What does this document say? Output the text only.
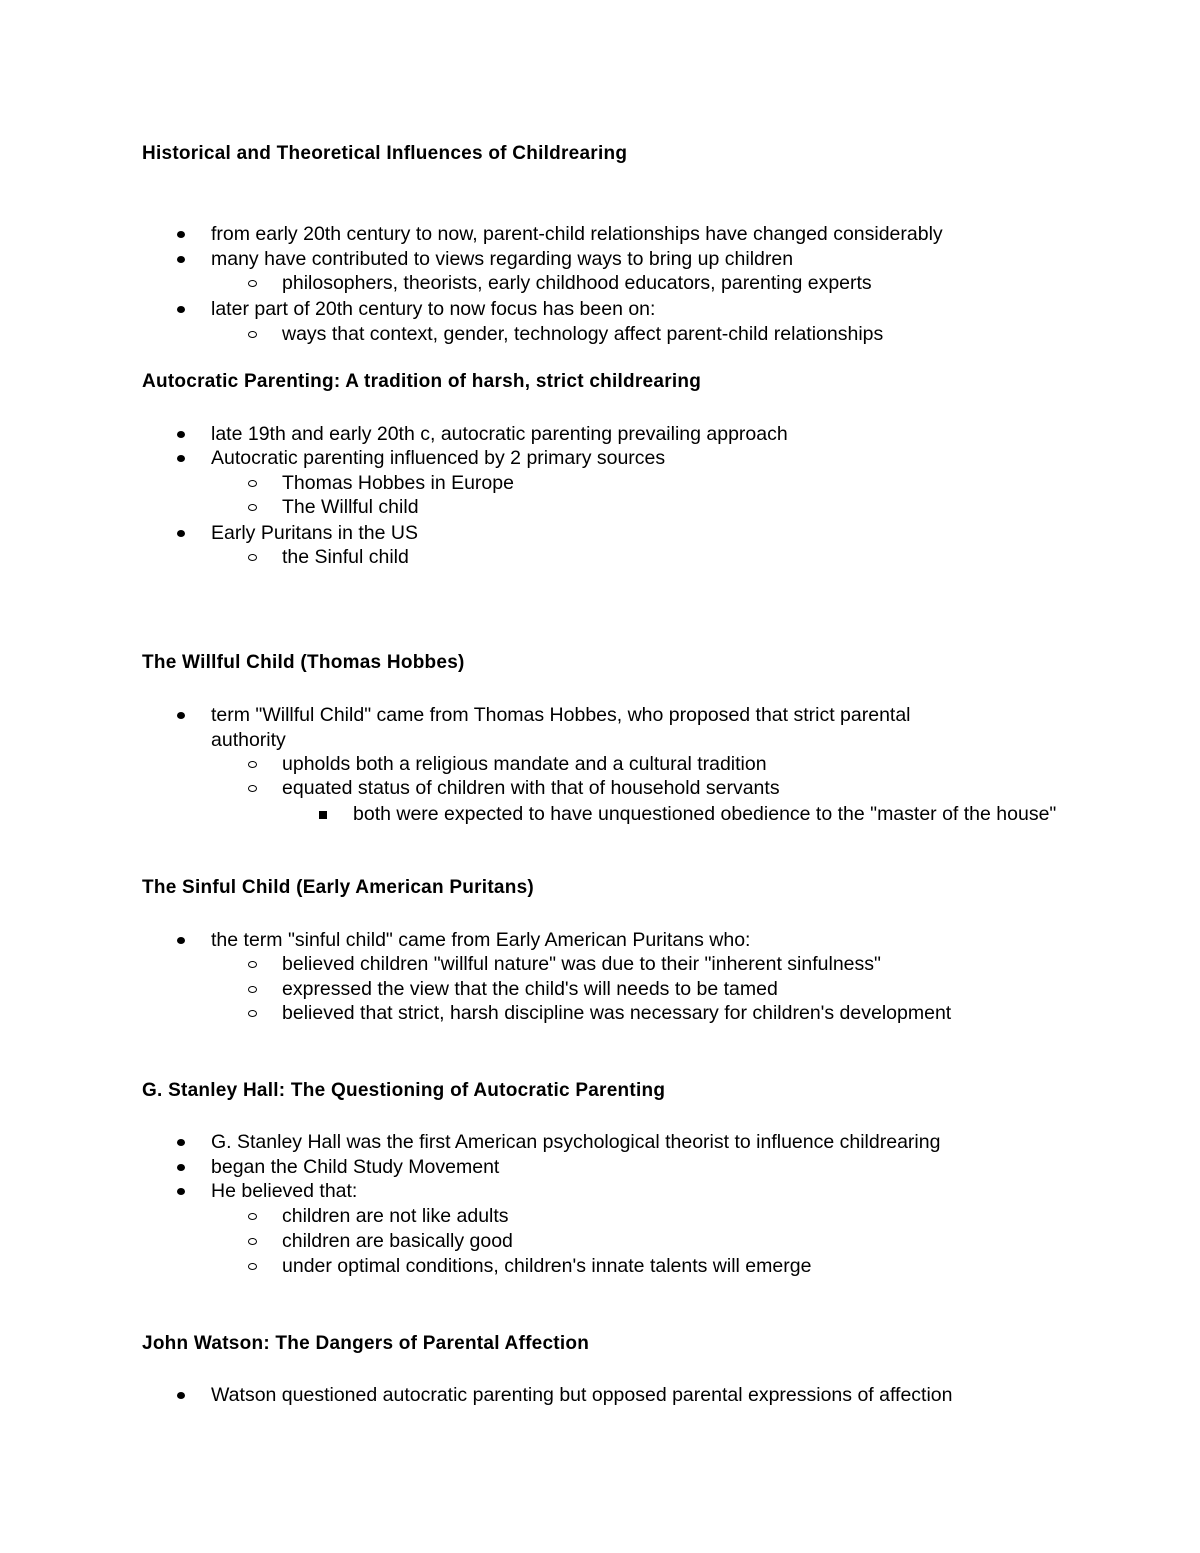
Historical and Theoretical Influences of Childrearing
from early 20th century to now, parent-child relationships have changed considerably
many have contributed to views regarding ways to bring up children
philosophers, theorists, early childhood educators, parenting experts
later part of 20th century to now focus has been on:
ways that context, gender, technology affect parent-child relationships
Autocratic Parenting: A tradition of harsh, strict childrearing
late 19th and early 20th c, autocratic parenting prevailing approach
Autocratic parenting influenced by 2 primary sources
Thomas Hobbes in Europe
The Willful child
Early Puritans in the US
the Sinful child
The Willful Child (Thomas Hobbes)
term "Willful Child" came from Thomas Hobbes, who proposed that strict parental authority
upholds both a religious mandate and a cultural tradition
equated status of children with that of household servants
both were expected to have unquestioned obedience to the "master of the house"
The Sinful Child (Early American Puritans)
the term "sinful child" came from Early American Puritans who:
believed children "willful nature" was due to their "inherent sinfulness"
expressed the view that the child's will needs to be tamed
believed that strict, harsh discipline was necessary for children's development
G. Stanley Hall: The Questioning of Autocratic Parenting
G. Stanley Hall was the first American psychological theorist to influence childrearing
began the Child Study Movement
He believed that:
children are not like adults
children are basically good
under optimal conditions, children's innate talents will emerge
John Watson: The Dangers of Parental Affection
Watson questioned autocratic parenting but opposed parental expressions of affection
